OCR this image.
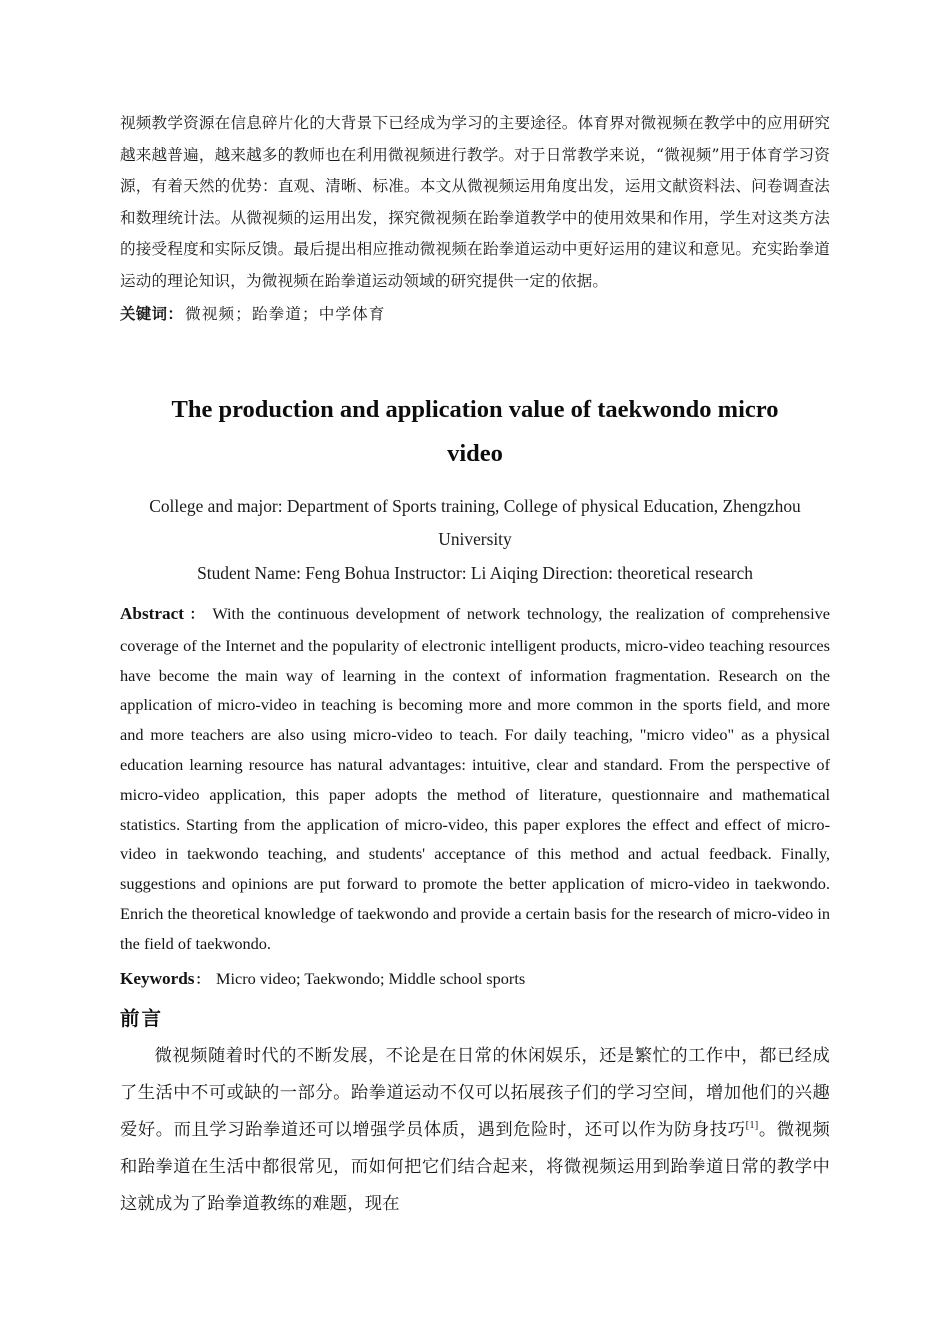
视频教学资源在信息碎片化的大背景下已经成为学习的主要途径。体育界对微视频在教学中的应用研究越来越普遍，越来越多的教师也在利用微视频进行教学。对于日常教学来说，“微视频”用于体育学习资源，有着天然的优势：直观、清晰、标准。本文从微视频运用角度出发，运用文献资料法、问卷调查法和数理统计法。从微视频的运用出发，探究微视频在跆拳道教学中的使用效果和作用，学生对这类方法的接受程度和实际反馈。最后提出相应推动微视频在跆拳道运动中更好运用的建议和意见。充实跆拳道运动的理论知识，为微视频在跆拳道运动领域的研究提供一定的依据。

关键词： 微视频；跆拳道；中学体育

The production and application value of taekwondo micro video

College and major: Department of Sports training, College of physical Education, Zhengzhou University

Student Name: Feng Bohua Instructor: Li Aiqing Direction: theoretical research

Abstract ： With the continuous development of network technology, the realization of comprehensive coverage of the Internet and the popularity of electronic intelligent products, micro-video teaching resources have become the main way of learning in the context of information fragmentation. Research on the application of micro-video in teaching is becoming more and more common in the sports field, and more and more teachers are also using micro-video to teach. For daily teaching, "micro video" as a physical education learning resource has natural advantages: intuitive, clear and standard. From the perspective of micro-video application, this paper adopts the method of literature, questionnaire and mathematical statistics. Starting from the application of micro-video, this paper explores the effect and effect of micro-video in taekwondo teaching, and students' acceptance of this method and actual feedback. Finally, suggestions and opinions are put forward to promote the better application of micro-video in taekwondo. Enrich the theoretical knowledge of taekwondo and provide a certain basis for the research of micro-video in the field of taekwondo.

Keywords： Micro video; Taekwondo; Middle school sports

前言

微视频随着时代的不断发展，不论是在日常的休闲娱乐，还是繁忙的工作中，都已经成了生活中不可或缺的一部分。跆拳道运动不仅可以拓展孩子们的学习空间，增加他们的兴趣爱好。而且学习跆拳道还可以增强学员体质，遇到危险时，还可以作为防身技巧[1]。微视频和跆拳道在生活中都很常见，而如何把它们结合起来，将微视频运用到跆拳道日常的教学中这就成为了跆拳道教练的难题，现在
